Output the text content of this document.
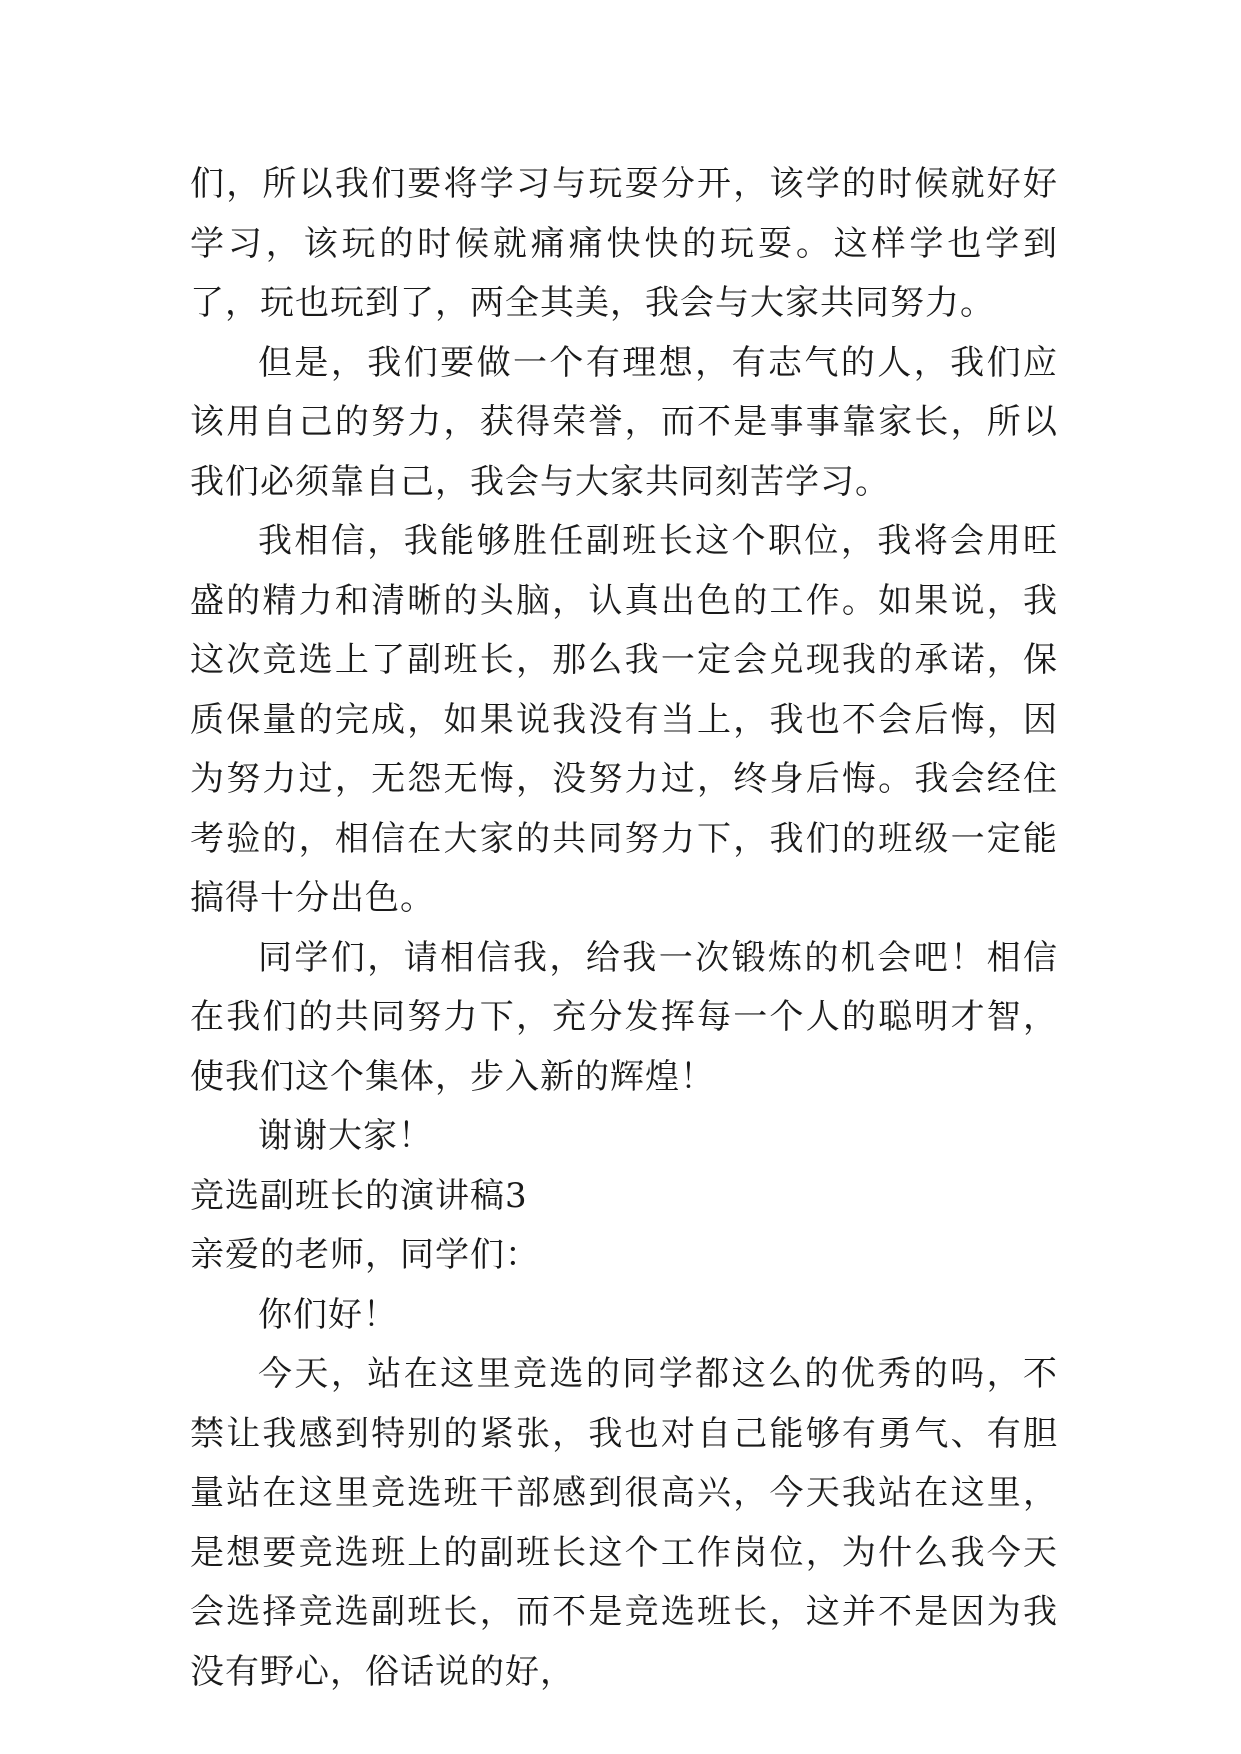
们，所以我们要将学习与玩耍分开，该学的时候就好好学习，该玩的时候就痛痛快快的玩耍。这样学也学到了，玩也玩到了，两全其美，我会与大家共同努力。

但是，我们要做一个有理想，有志气的人，我们应该用自己的努力，获得荣誉，而不是事事靠家长，所以我们必须靠自己，我会与大家共同刻苦学习。

我相信，我能够胜任副班长这个职位，我将会用旺盛的精力和清晰的头脑，认真出色的工作。如果说，我这次竞选上了副班长，那么我一定会兑现我的承诺，保质保量的完成，如果说我没有当上，我也不会后悔，因为努力过，无怨无悔，没努力过，终身后悔。我会经住考验的，相信在大家的共同努力下，我们的班级一定能搞得十分出色。

同学们，请相信我，给我一次锻炼的机会吧！相信在我们的共同努力下，充分发挥每一个人的聪明才智，使我们这个集体，步入新的辉煌！

谢谢大家！

竞选副班长的演讲稿3

亲爱的老师，同学们：

你们好！

今天，站在这里竞选的同学都这么的优秀的吗，不禁让我感到特别的紧张，我也对自己能够有勇气、有胆量站在这里竞选班干部感到很高兴，今天我站在这里，是想要竞选班上的副班长这个工作岗位，为什么我今天会选择竞选副班长，而不是竞选班长，这并不是因为我没有野心，俗话说的好，
